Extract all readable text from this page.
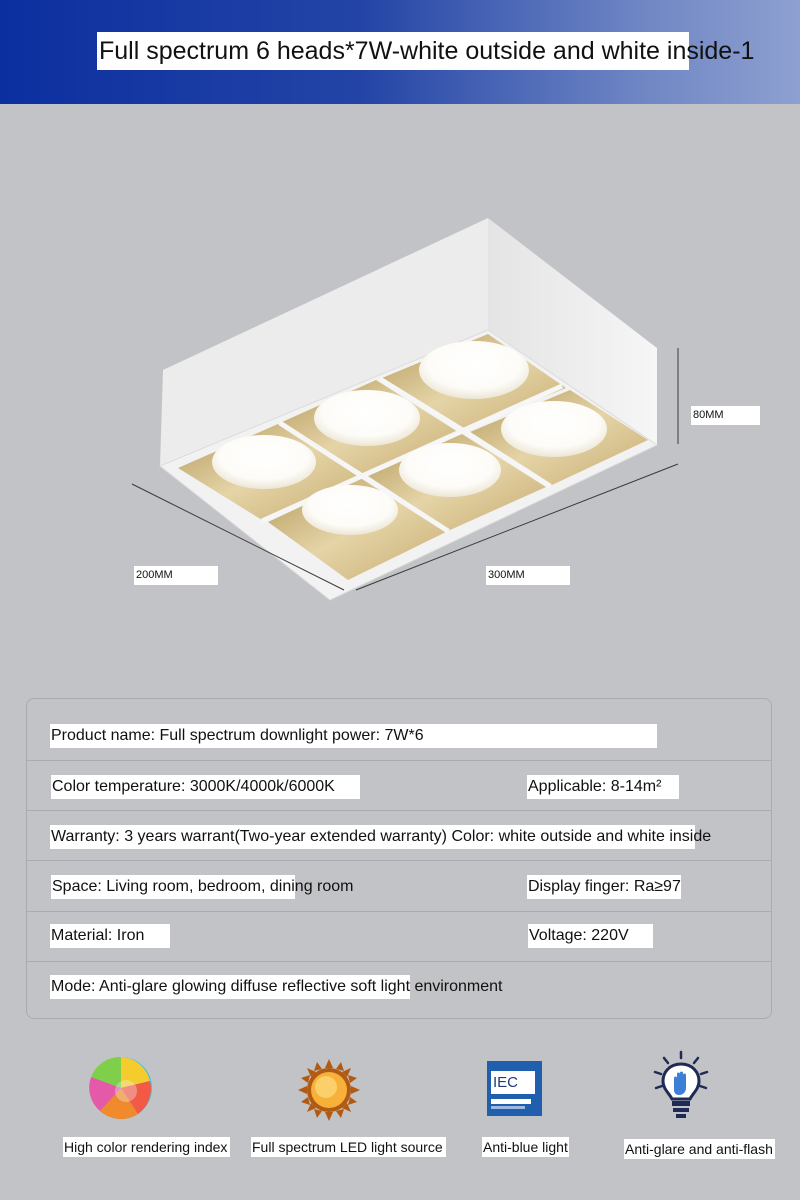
Full spectrum 6 heads*7W-white outside and white inside-1
80MM
200MM	300MM
Product name: Full spectrum downlight power: 7W*6
Color temperature: 3000K/4000k/6000K	Applicable: 8-14m²
Warranty: 3 years warrant(Two-year extended warranty) Color: white outside and white inside
Space: Living room, bedroom, dining room	Display finger: Ra≥97
Material: Iron	Voltage: 220V
Mode: Anti-glare glowing diffuse reflective soft light environment
IEC
High color rendering index Full spectrum LED light source	Anti-blue light	Anti-glare and anti-flash
